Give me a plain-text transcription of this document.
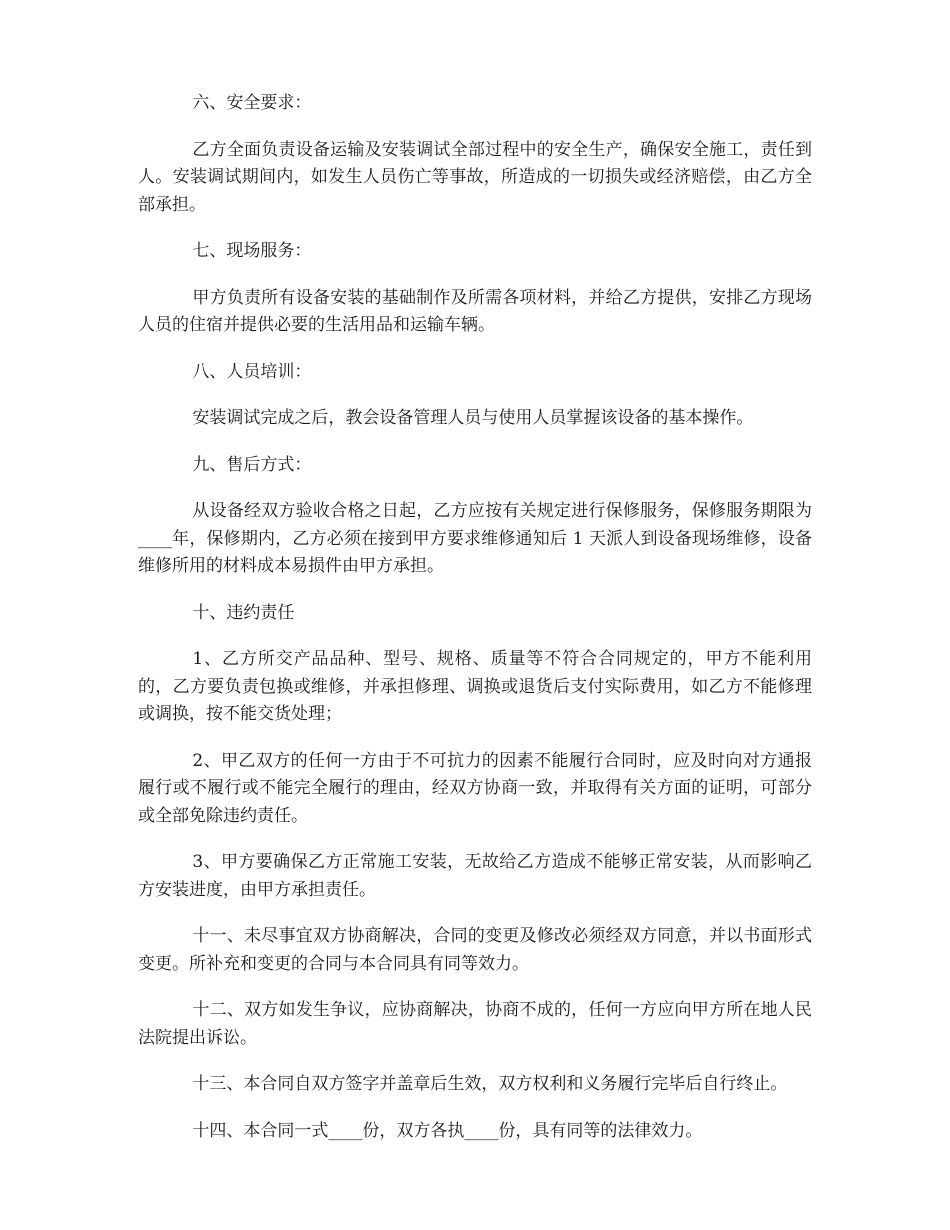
六、安全要求：

乙方全面负责设备运输及安装调试全部过程中的安全生产，确保安全施工，责任到人。安装调试期间内，如发生人员伤亡等事故，所造成的一切损失或经济赔偿，由乙方全部承担。

七、现场服务：

甲方负责所有设备安装的基础制作及所需各项材料，并给乙方提供，安排乙方现场人员的住宿并提供必要的生活用品和运输车辆。

八、人员培训：

安装调试完成之后，教会设备管理人员与使用人员掌握该设备的基本操作。

九、售后方式：

从设备经双方验收合格之日起，乙方应按有关规定进行保修服务，保修服务期限为____年，保修期内，乙方必须在接到甲方要求维修通知后 1 天派人到设备现场维修，设备维修所用的材料成本易损件由甲方承担。

十、违约责任

1、乙方所交产品品种、型号、规格、质量等不符合合同规定的，甲方不能利用的，乙方要负责包换或维修，并承担修理、调换或退货后支付实际费用，如乙方不能修理或调换，按不能交货处理；

2、甲乙双方的任何一方由于不可抗力的因素不能履行合同时，应及时向对方通报履行或不履行或不能完全履行的理由，经双方协商一致，并取得有关方面的证明，可部分或全部免除违约责任。

3、甲方要确保乙方正常施工安装，无故给乙方造成不能够正常安装，从而影响乙方安装进度，由甲方承担责任。

十一、未尽事宜双方协商解决，合同的变更及修改必须经双方同意，并以书面形式变更。所补充和变更的合同与本合同具有同等效力。

十二、双方如发生争议，应协商解决，协商不成的，任何一方应向甲方所在地人民法院提出诉讼。

十三、本合同自双方签字并盖章后生效，双方权利和义务履行完毕后自行终止。

十四、本合同一式____份，双方各执____份，具有同等的法律效力。
